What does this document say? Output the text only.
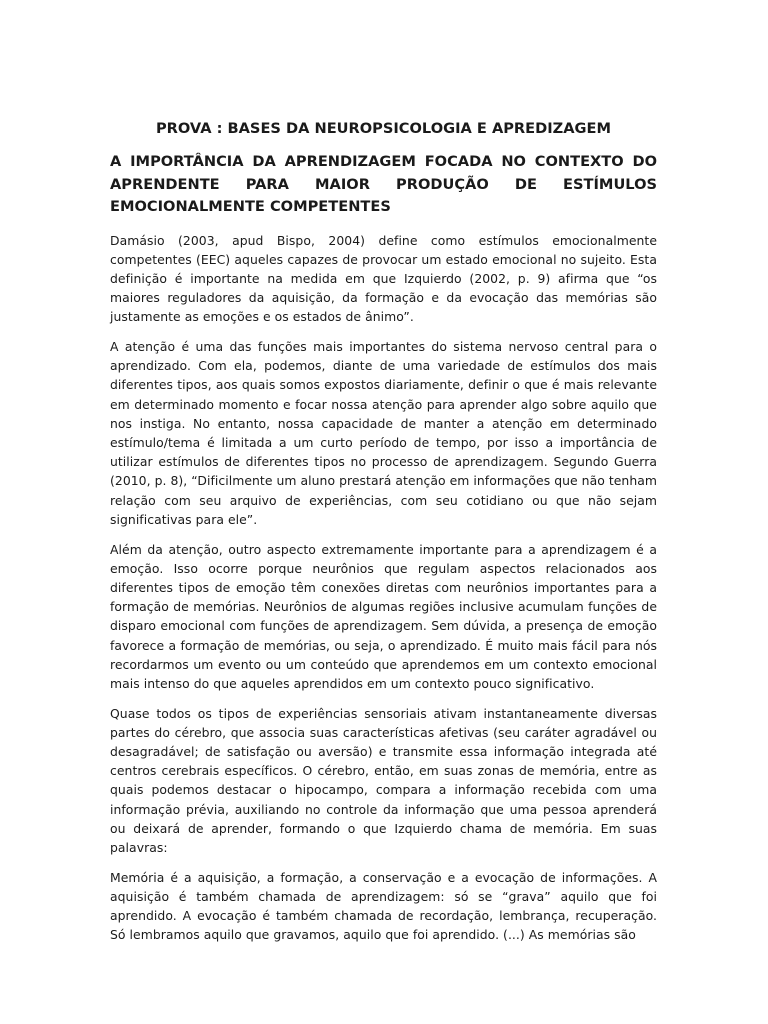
PROVA : BASES DA NEUROPSICOLOGIA E APREDIZAGEM
A IMPORTÂNCIA DA APRENDIZAGEM FOCADA NO CONTEXTO DO APRENDENTE PARA MAIOR PRODUÇÃO DE ESTÍMULOS EMOCIONALMENTE COMPETENTES

Damásio (2003, apud Bispo, 2004) define como estímulos emocionalmente competentes (EEC) aqueles capazes de provocar um estado emocional no sujeito. Esta definição é importante na medida em que Izquierdo (2002, p. 9) afirma que “os maiores reguladores da aquisição, da formação e da evocação das memórias são justamente as emoções e os estados de ânimo”.

A atenção é uma das funções mais importantes do sistema nervoso central para o aprendizado. Com ela, podemos, diante de uma variedade de estímulos dos mais diferentes tipos, aos quais somos expostos diariamente, definir o que é mais relevante em determinado momento e focar nossa atenção para aprender algo sobre aquilo que nos instiga. No entanto, nossa capacidade de manter a atenção em determinado estímulo/tema é limitada a um curto período de tempo, por isso a importância de utilizar estímulos de diferentes tipos no processo de aprendizagem. Segundo Guerra (2010, p. 8), “Dificilmente um aluno prestará atenção em informações que não tenham relação com seu arquivo de experiências, com seu cotidiano ou que não sejam significativas para ele”.

Além da atenção, outro aspecto extremamente importante para a aprendizagem é a emoção. Isso ocorre porque neurônios que regulam aspectos relacionados aos diferentes tipos de emoção têm conexões diretas com neurônios importantes para a formação de memórias. Neurônios de algumas regiões inclusive acumulam funções de disparo emocional com funções de aprendizagem. Sem dúvida, a presença de emoção favorece a formação de memórias, ou seja, o aprendizado. É muito mais fácil para nós recordarmos um evento ou um conteúdo que aprendemos em um contexto emocional mais intenso do que aqueles aprendidos em um contexto pouco significativo.

Quase todos os tipos de experiências sensoriais ativam instantaneamente diversas partes do cérebro, que associa suas características afetivas (seu caráter agradável ou desagradável; de satisfação ou aversão) e transmite essa informação integrada até centros cerebrais específicos. O cérebro, então, em suas zonas de memória, entre as quais podemos destacar o hipocampo, compara a informação recebida com uma informação prévia, auxiliando no controle da informação que uma pessoa aprenderá ou deixará de aprender, formando o que Izquierdo chama de memória. Em suas palavras:

Memória é a aquisição, a formação, a conservação e a evocação de informações. A aquisição é também chamada de aprendizagem: só se “grava” aquilo que foi aprendido. A evocação é também chamada de recordação, lembrança, recuperação. Só lembramos aquilo que gravamos, aquilo que foi aprendido. (...) As memórias são
